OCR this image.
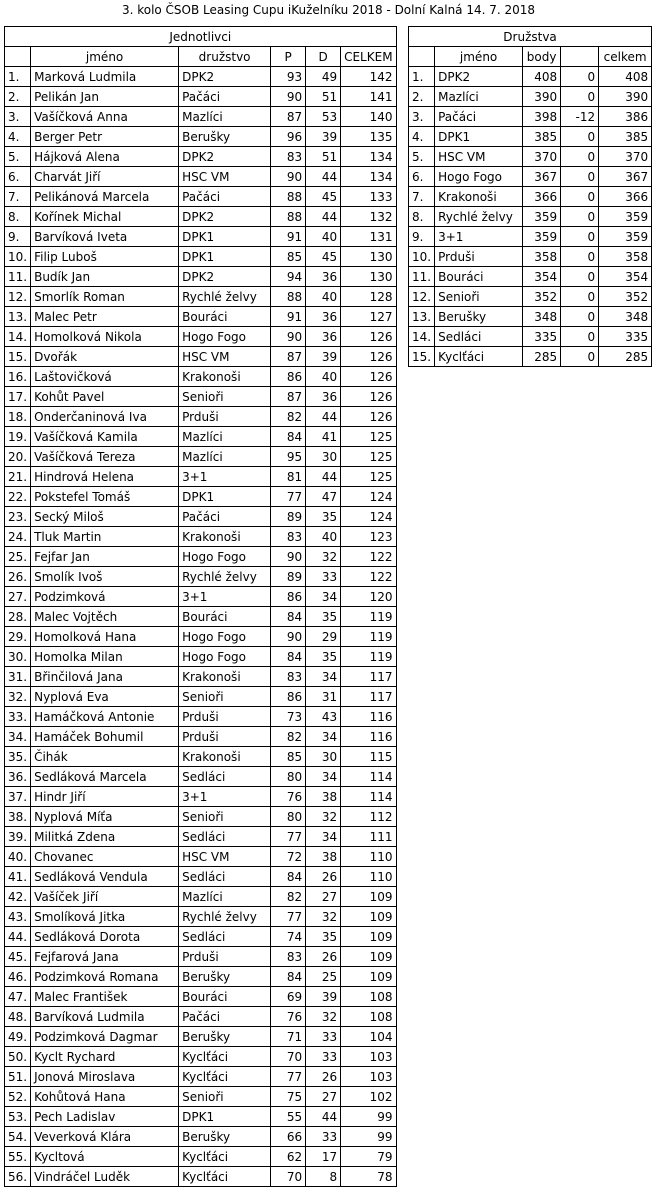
3. kolo ČSOB Leasing Cupu iKuželníku 2018 - Dolní Kalná 14. 7. 2018
Jednotlivci					
	jméno	družstvo	P	D	CELKEM
1.	Marková Ludmila	DPK2	93	49	142
2.	Pelikán Jan	Pačáci	90	51	141
3.	Vašíčková Anna	Mazlíci	87	53	140
4.	Berger Petr	Berušky	96	39	135
5.	Hájková Alena	DPK2	83	51	134
6.	Charvát Jiří	HSC VM	90	44	134
7.	Pelikánová Marcela	Pačáci	88	45	133
8.	Kořínek Michal	DPK2	88	44	132
9.	Barvíková Iveta	DPK1	91	40	131
10.	Filip Luboš	DPK1	85	45	130
11.	Budík Jan	DPK2	94	36	130
12.	Smorlík Roman	Rychlé želvy	88	40	128
13.	Malec Petr	Bouráci	91	36	127
14.	Homolková Nikola	Hogo Fogo	90	36	126
15.	Dvořák	HSC VM	87	39	126
16.	Laštovičková	Krakonoši	86	40	126
17.	Kohůt Pavel	Senioři	87	36	126
18.	Onderčaninová Iva	Prduši	82	44	126
19.	Vašíčková Kamila	Mazlíci	84	41	125
20.	Vašíčková Tereza	Mazlíci	95	30	125
21.	Hindrová Helena	3+1	81	44	125
22.	Pokstefel Tomáš	DPK1	77	47	124
23.	Secký Miloš	Pačáci	89	35	124
24.	Tluk Martin	Krakonoši	83	40	123
25.	Fejfar Jan	Hogo Fogo	90	32	122
26.	Smolík Ivoš	Rychlé želvy	89	33	122
27.	Podzimková	3+1	86	34	120
28.	Malec Vojtěch	Bouráci	84	35	119
29.	Homolková Hana	Hogo Fogo	90	29	119
30.	Homolka Milan	Hogo Fogo	84	35	119
31.	Břinčilová Jana	Krakonoši	83	34	117
32.	Nyplová Eva	Senioři	86	31	117
33.	Hamáčková Antonie	Prduši	73	43	116
34.	Hamáček Bohumil	Prduši	82	34	116
35.	Čihák	Krakonoši	85	30	115
36.	Sedláková Marcela	Sedláci	80	34	114
37.	Hindr Jiří	3+1	76	38	114
38.	Nyplová Míťa	Senioři	80	32	112
39.	Militká Zdena	Sedláci	77	34	111
40.	Chovanec	HSC VM	72	38	110
41.	Sedláková Vendula	Sedláci	84	26	110
42.	Vašíček Jiří	Mazlíci	82	27	109
43.	Smolíková Jitka	Rychlé želvy	77	32	109
44.	Sedláková Dorota	Sedláci	74	35	109
45.	Fejfarová Jana	Prduši	83	26	109
46.	Podzimková Romana	Berušky	84	25	109
47.	Malec František	Bouráci	69	39	108
48.	Barvíková Ludmila	Pačáci	76	32	108
49.	Podzimková Dagmar	Berušky	71	33	104
50.	Kyclt Rychard	Kyclťáci	70	33	103
51.	Jonová Miroslava	Kyclťáci	77	26	103
52.	Kohůtová Hana	Senioři	75	27	102
53.	Pech Ladislav	DPK1	55	44	99
54.	Veverková Klára	Berušky	66	33	99
55.	Kycltová	Kyclťáci	62	17	79
56.	Vindráčel Luděk	Kyclťáci	70	8	78
Družstva				
	jméno	body		celkem
1.	DPK2	408	0	408
2.	Mazlíci	390	0	390
3.	Pačáci	398	-12	386
4.	DPK1	385	0	385
5.	HSC VM	370	0	370
6.	Hogo Fogo	367	0	367
7.	Krakonoši	366	0	366
8.	Rychlé želvy	359	0	359
9.	3+1	359	0	359
10.	Prduši	358	0	358
11.	Bouráci	354	0	354
12.	Senioři	352	0	352
13.	Berušky	348	0	348
14.	Sedláci	335	0	335
15.	Kyclťáci	285	0	285
